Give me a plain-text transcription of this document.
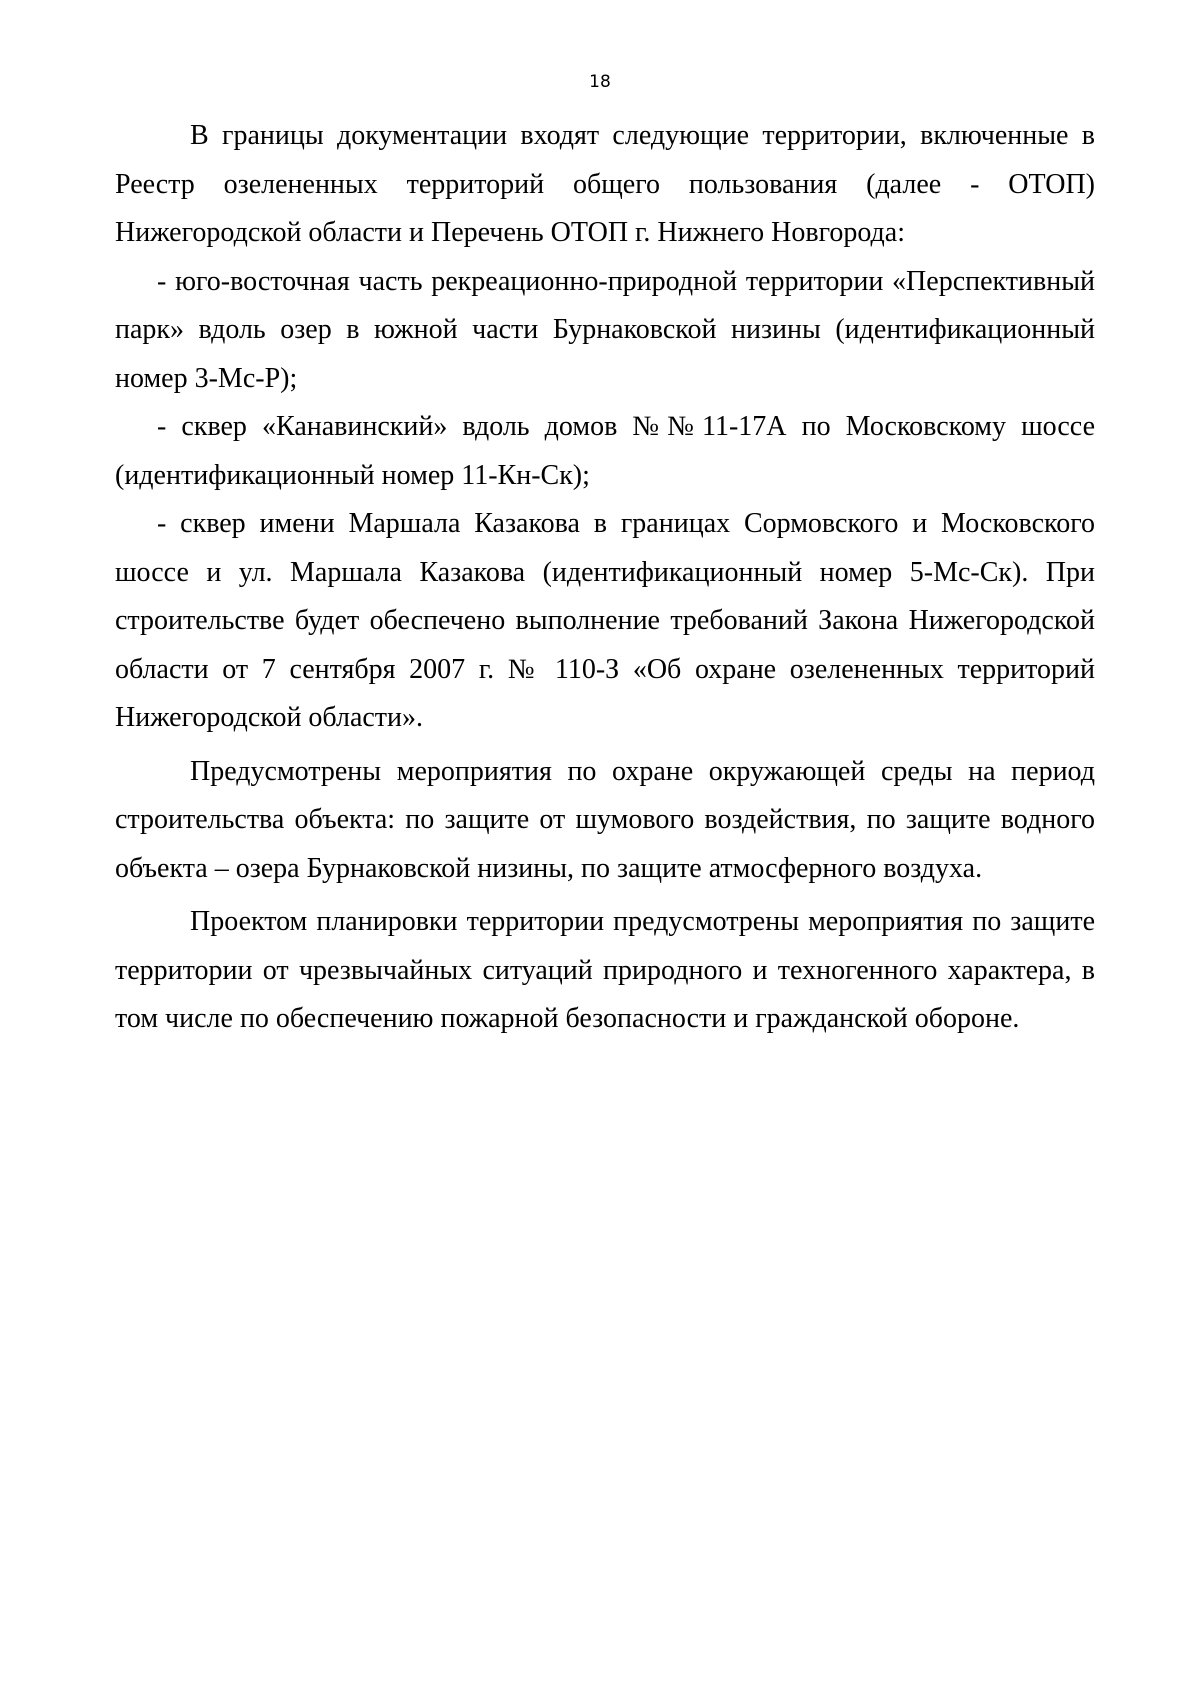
18

В границы документации входят следующие территории, включенные в Реестр озелененных территорий общего пользования (далее - ОТОП) Нижегородской области и Перечень ОТОП г. Нижнего Новгорода:

- юго-восточная часть рекреационно-природной территории «Перспективный парк» вдоль озер в южной части Бурнаковской низины (идентификационный номер 3-Мс-Р);

- сквер «Канавинский» вдоль домов №№11-17А по Московскому шоссе (идентификационный номер 11-Кн-Ск);

- сквер имени Маршала Казакова в границах Сормовского и Московского шоссе и ул. Маршала Казакова (идентификационный номер 5-Мс-Ск). При строительстве будет обеспечено выполнение требований Закона Нижегородской области от 7 сентября 2007 г. № 110-З «Об охране озелененных территорий Нижегородской области».

Предусмотрены мероприятия по охране окружающей среды на период строительства объекта: по защите от шумового воздействия, по защите водного объекта – озера Бурнаковской низины, по защите атмосферного воздуха.

Проектом планировки территории предусмотрены мероприятия по защите территории от чрезвычайных ситуаций природного и техногенного характера, в том числе по обеспечению пожарной безопасности и гражданской обороне.
